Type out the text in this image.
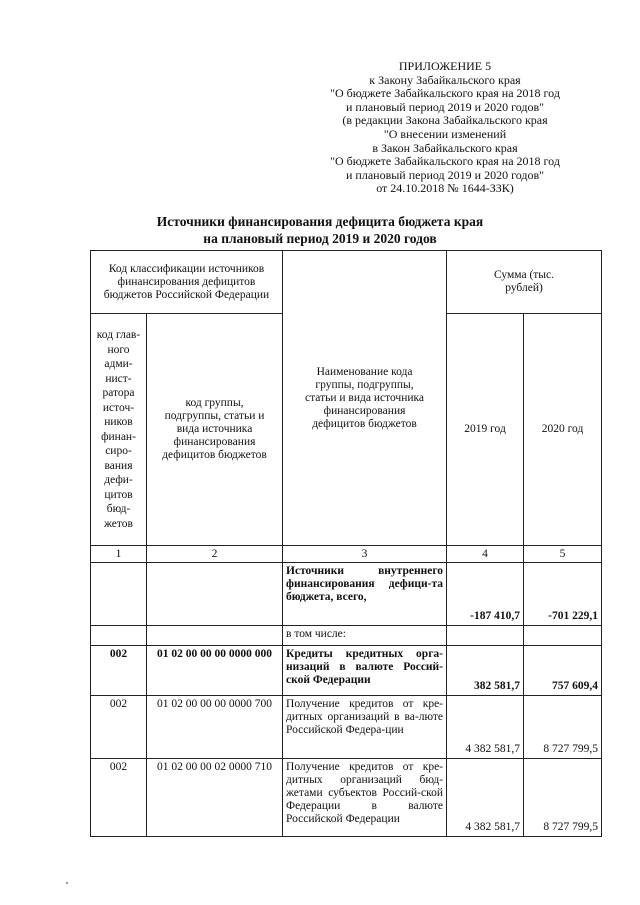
ПРИЛОЖЕНИЕ 5
к Закону Забайкальского края
"О бюджете Забайкальского края на 2018 год
и плановый период 2019 и 2020 годов"
(в редакции Закона Забайкальского края
"О внесении изменений
в Закон Забайкальского края
"О бюджете Забайкальского края на 2018 год
и плановый период 2019 и 2020 годов"
от 24.10.2018 № 1644-ЗЗК)
Источники финансирования дефицита бюджета края
на плановый период 2019 и 2020 годов
Код классификации источников финансирования дефицитов бюджетов Российской Федерации		Наименование кода группы, подгруппы, статьи и вида источника финансирования дефицитов бюджетов	Сумма (тыс. рублей)	
код глав-ного адми-нист-ратора источ-ников финан-сиро-вания дефи-цитов бюд-жетов	код группы, подгруппы, статьи и вида источника финансирования дефицитов бюджетов		2019 год	2020 год
1	2	3	4	5
		Источники внутреннего финансирования дефици-та бюджета, всего,	-187 410,7	-701 229,1
		в том числе:		
002	01 02 00 00 00 0000 000	Кредиты кредитных орга-низаций в валюте Россий-ской Федерации	382 581,7	757 609,4
002	01 02 00 00 00 0000 700	Получение кредитов от кре-дитных организаций в ва-люте Российской Федера-ции	4 382 581,7	8 727 799,5
002	01 02 00 00 02 0000 710	Получение кредитов от кре-дитных организаций бюд-жетами субъектов Россий-ской Федерации в валюте Российской Федерации	4 382 581,7	8 727 799,5
